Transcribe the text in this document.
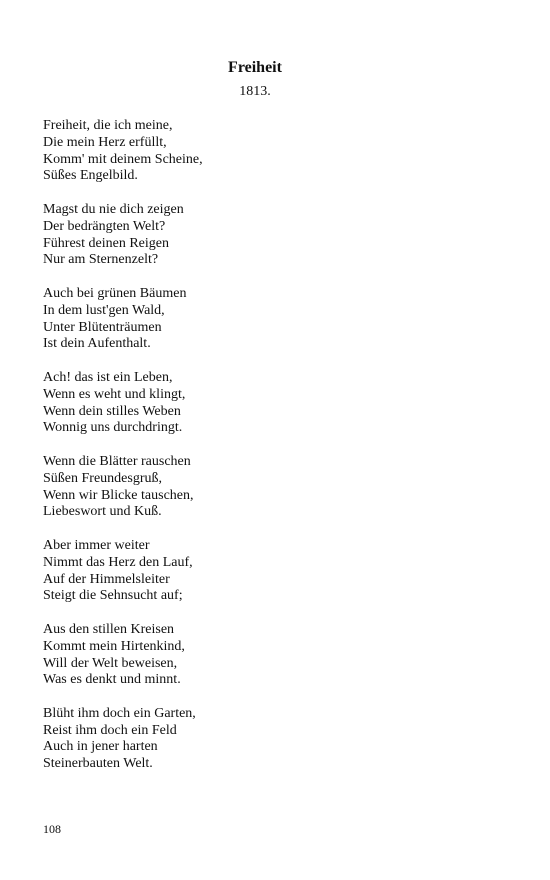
Freiheit
1813.
Freiheit, die ich meine,
Die mein Herz erfüllt,
Komm' mit deinem Scheine,
Süßes Engelbild.
Magst du nie dich zeigen
Der bedrängten Welt?
Führest deinen Reigen
Nur am Sternenzelt?
Auch bei grünen Bäumen
In dem lust'gen Wald,
Unter Blütenträumen
Ist dein Aufenthalt.
Ach! das ist ein Leben,
Wenn es weht und klingt,
Wenn dein stilles Weben
Wonnig uns durchdringt.
Wenn die Blätter rauschen
Süßen Freundesgruß,
Wenn wir Blicke tauschen,
Liebeswort und Kuß.
Aber immer weiter
Nimmt das Herz den Lauf,
Auf der Himmelsleiter
Steigt die Sehnsucht auf;
Aus den stillen Kreisen
Kommt mein Hirtenkind,
Will der Welt beweisen,
Was es denkt und minnt.
Blüht ihm doch ein Garten,
Reist ihm doch ein Feld
Auch in jener harten
Steinerbauten Welt.
108
